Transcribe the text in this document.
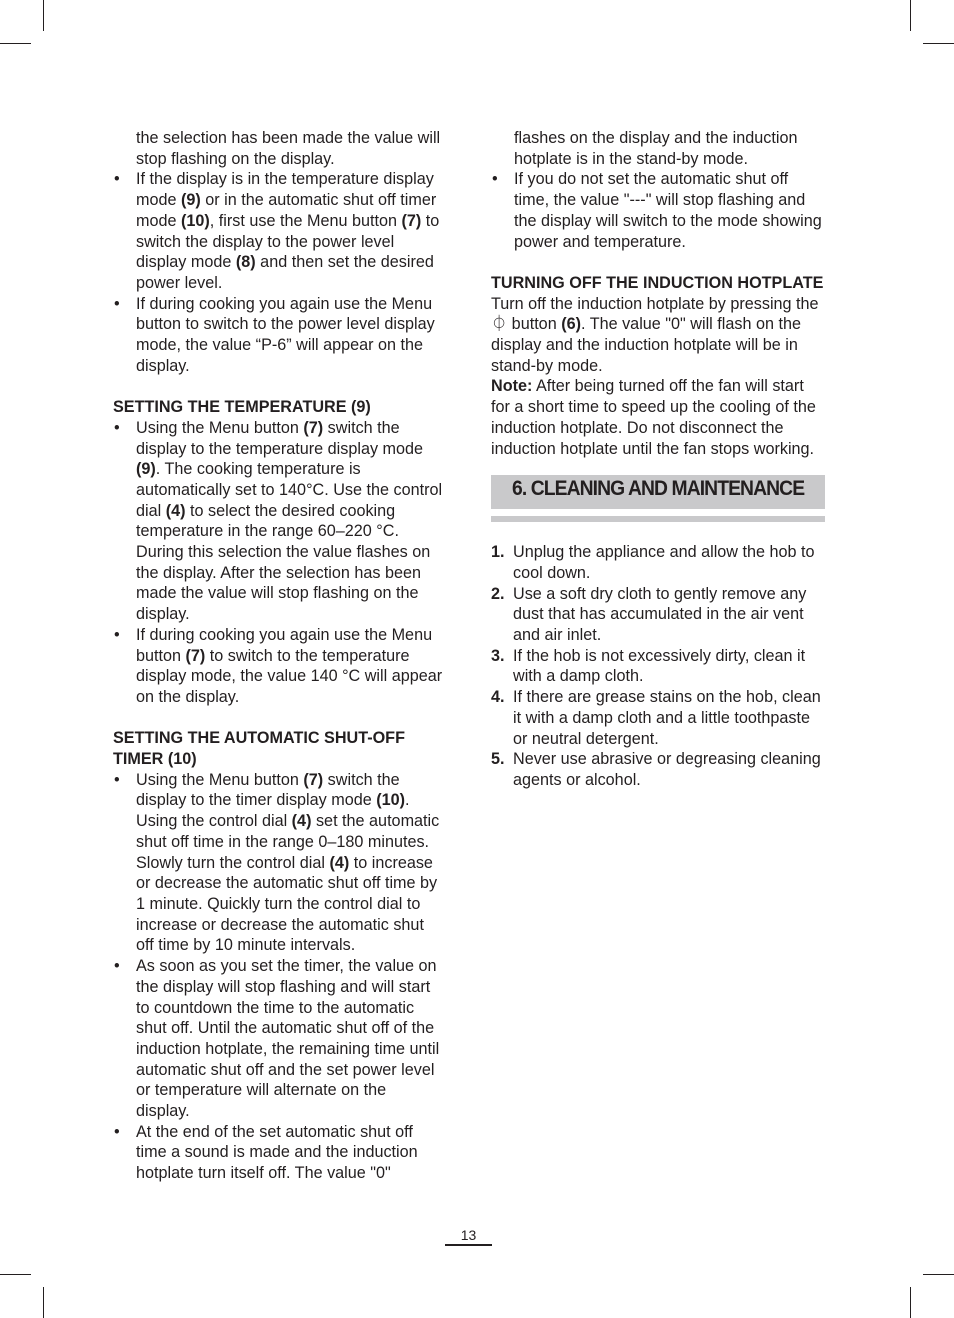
the selection has been made the value will stop flashing on the display.

• If the display is in the temperature display mode (9) or in the automatic shut off timer mode (10), first use the Menu button (7) to switch the display to the power level display mode (8) and then set the desired power level.
• If during cooking you again use the Menu button to switch to the power level display mode, the value “P-6” will appear on the display.

SETTING THE TEMPERATURE (9)

• Using the Menu button (7) switch the display to the temperature display mode (9). The cooking temperature is automatically set to 140°C. Use the control dial (4) to select the desired cooking temperature in the range 60–220 °C. During this selection the value flashes on the display. After the selection has been made the value will stop flashing on the display.
• If during cooking you again use the Menu button (7) to switch to the temperature display mode, the value 140 °C will appear on the display.

SETTING THE AUTOMATIC SHUT-OFF TIMER (10)

• Using the Menu button (7) switch the display to the timer display mode (10). Using the control dial (4) set the automatic shut off time in the range 0–180 minutes. Slowly turn the control dial (4) to increase or decrease the automatic shut off time by 1 minute. Quickly turn the control dial to increase or decrease the automatic shut off time by 10 minute intervals.
• As soon as you set the timer, the value on the display will stop flashing and will start to countdown the time to the automatic shut off. Until the automatic shut off of the induction hotplate, the remaining time until automatic shut off and the set power level or temperature will alternate on the display.
• At the end of the set automatic shut off time a sound is made and the induction hotplate turn itself off. The value "0"

flashes on the display and the induction hotplate is in the stand-by mode.

• If you do not set the automatic shut off time, the value "---" will stop flashing and the display will switch to the mode showing power and temperature.

TURNING OFF THE INDUCTION HOTPLATE

Turn off the induction hotplate by pressing the ⏀ button (6). The value "0" will flash on the display and the induction hotplate will be in stand-by mode.

Note: After being turned off the fan will start for a short time to speed up the cooling of the induction hotplate. Do not disconnect the induction hotplate until the fan stops working.

6. CLEANING AND MAINTENANCE
1. Unplug the appliance and allow the hob to cool down.
2. Use a soft dry cloth to gently remove any dust that has accumulated in the air vent and air inlet.
3. If the hob is not excessively dirty, clean it with a damp cloth.
4. If there are grease stains on the hob, clean it with a damp cloth and a little toothpaste or neutral detergent.
5. Never use abrasive or degreasing cleaning agents or alcohol.
13
